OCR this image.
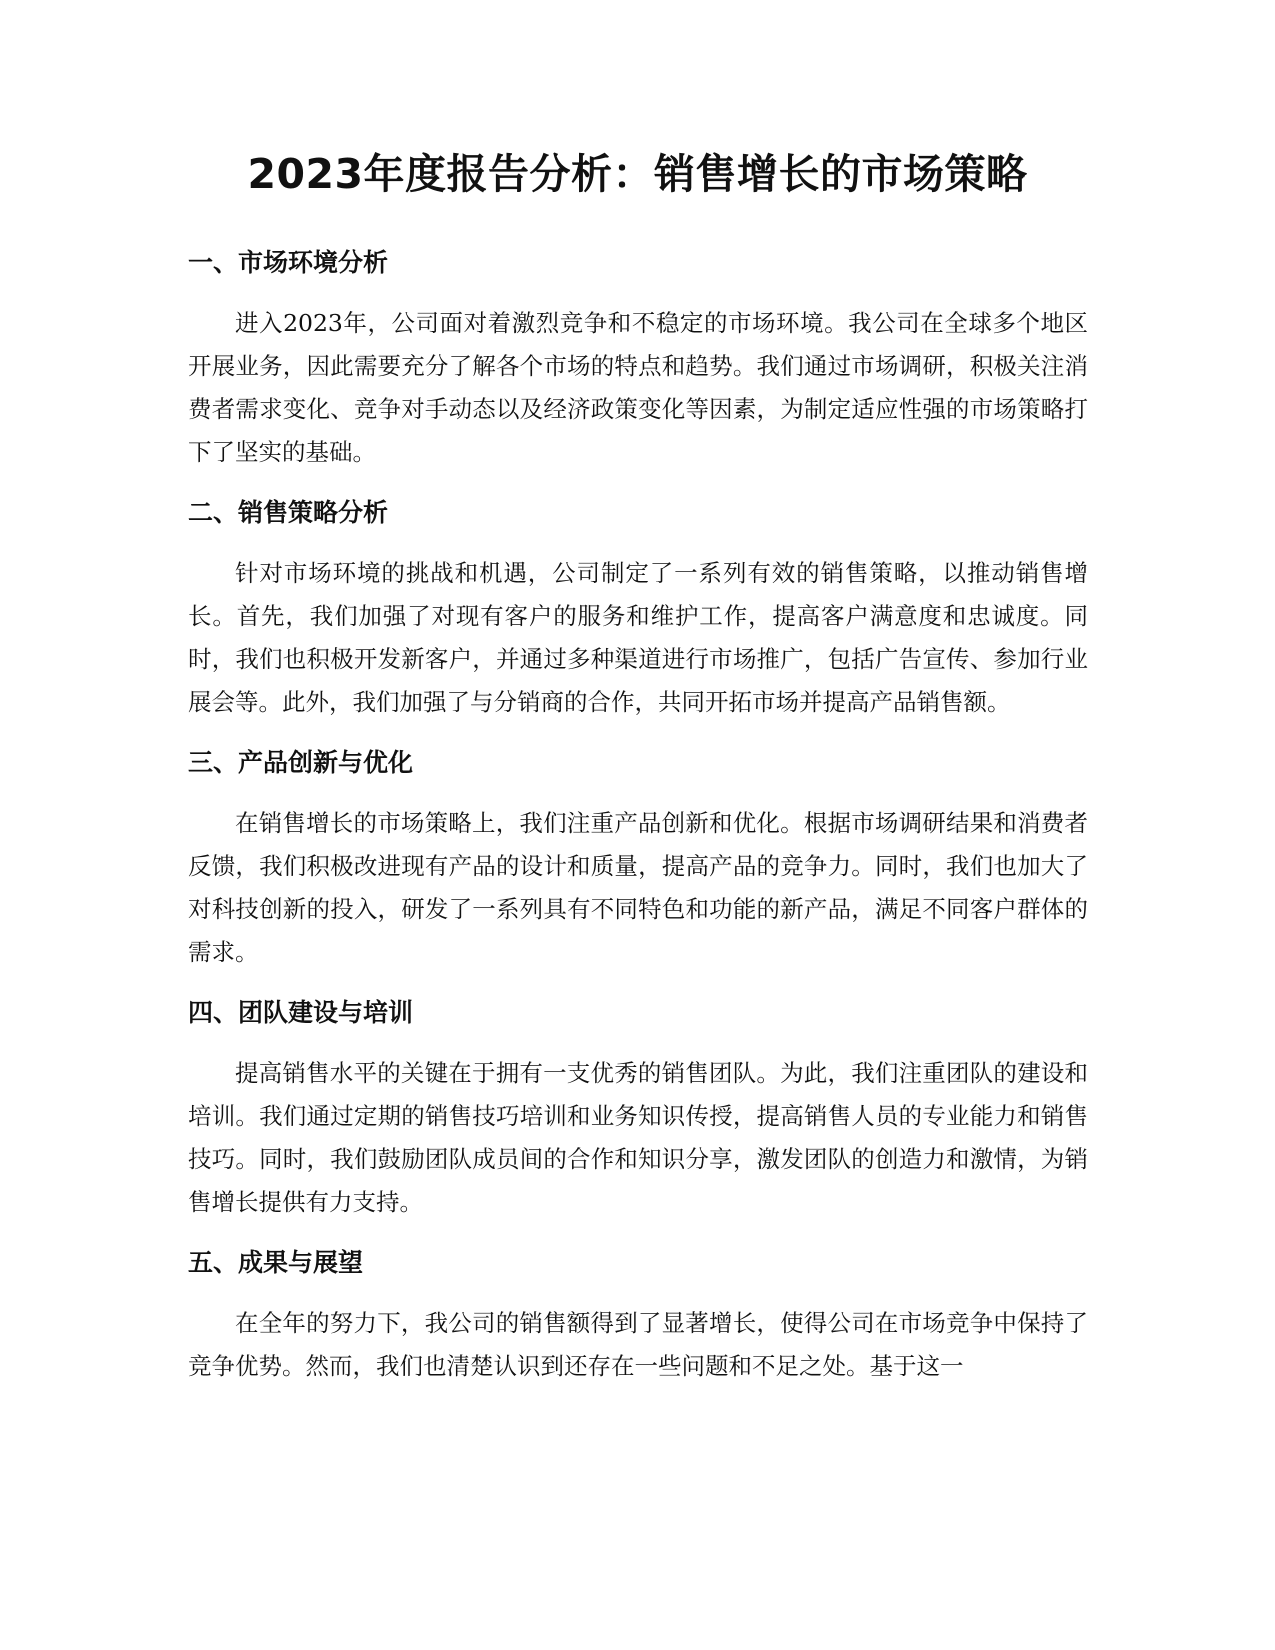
2023年度报告分析：销售增长的市场策略
一、市场环境分析

进入2023年，公司面对着激烈竞争和不稳定的市场环境。我公司在全球多个地区开展业务，因此需要充分了解各个市场的特点和趋势。我们通过市场调研，积极关注消费者需求变化、竞争对手动态以及经济政策变化等因素，为制定适应性强的市场策略打下了坚实的基础。

二、销售策略分析

针对市场环境的挑战和机遇，公司制定了一系列有效的销售策略，以推动销售增长。首先，我们加强了对现有客户的服务和维护工作，提高客户满意度和忠诚度。同时，我们也积极开发新客户，并通过多种渠道进行市场推广，包括广告宣传、参加行业展会等。此外，我们加强了与分销商的合作，共同开拓市场并提高产品销售额。

三、产品创新与优化

在销售增长的市场策略上，我们注重产品创新和优化。根据市场调研结果和消费者反馈，我们积极改进现有产品的设计和质量，提高产品的竞争力。同时，我们也加大了对科技创新的投入，研发了一系列具有不同特色和功能的新产品，满足不同客户群体的需求。

四、团队建设与培训

提高销售水平的关键在于拥有一支优秀的销售团队。为此，我们注重团队的建设和培训。我们通过定期的销售技巧培训和业务知识传授，提高销售人员的专业能力和销售技巧。同时，我们鼓励团队成员间的合作和知识分享，激发团队的创造力和激情，为销售增长提供有力支持。

五、成果与展望

在全年的努力下，我公司的销售额得到了显著增长，使得公司在市场竞争中保持了竞争优势。然而，我们也清楚认识到还存在一些问题和不足之处。基于这一
